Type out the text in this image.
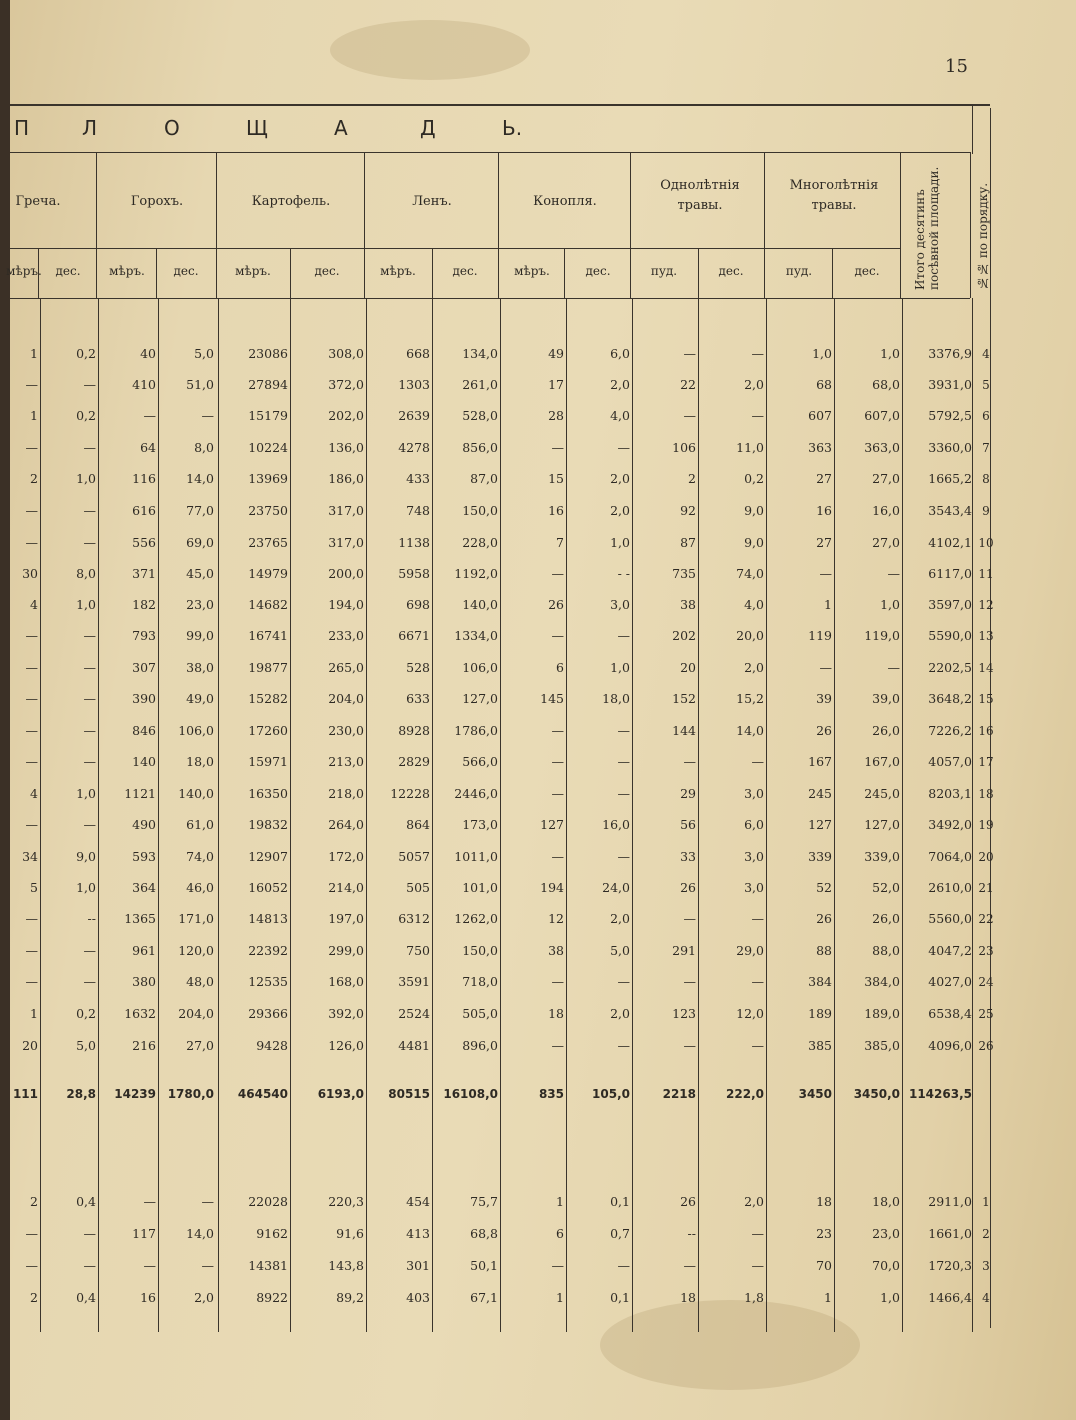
15
П	Л	О	Щ	А	Д	Ь.
Греча.	Горохъ.	Картофель.	Ленъ.	Конопля.
Однолѣтнія травы.
Многолѣтнія травы.	Итого десятинъ посѣвной площади.	№№ по порядку.
мѣръ.	дес.	мѣръ.	дес.	мѣръ.	дес.	мѣръ.	дес.	мѣръ.	дес.	пуд.	дес.	пуд.	дес.
1	0,2	40	5,0	23086	308,0	668	134,0	49	6,0	—	—	1,0	1,0	3376,9 4
—	—	410	51,0	27894	372,0	1303	261,0	17	2,0	22	2,0	68	68,0	3931,0 5
1	0,2	—	—	15179	202,0	2639	528,0	28	4,0	—	—	607	607,0	5792,5 6
—	—	64	8,0	10224	136,0	4278	856,0	—	—	106	11,0	363	363,0	3360,0 7
2	1,0	116	14,0	13969	186,0	433	87,0	15	2,0	2	0,2	27	27,0	1665,2 8
—	—	616	77,0	23750	317,0	748	150,0	16	2,0	92	9,0	16	16,0	3543,4 9
—	—	556	69,0	23765	317,0	1138	228,0	7	1,0	87	9,0	27	27,0	4102,1 10
30	8,0	371	45,0	14979	200,0	5958	1192,0	—	- -	735	74,0	—	—	6117,0 11
4	1,0	182	23,0	14682	194,0	698	140,0	26	3,0	38	4,0	1	1,0	3597,0 12
—	—	793	99,0	16741	233,0	6671	1334,0	—	—	202	20,0	119	119,0	5590,0 13
—	—	307	38,0	19877	265,0	528	106,0	6	1,0	20	2,0	—	—	2202,5 14
—	—	390	49,0	15282	204,0	633	127,0	145	18,0	152	15,2	39	39,0	3648,2 15
—	—	846	106,0	17260	230,0	8928	1786,0	—	—	144	14,0	26	26,0	7226,2 16
—	—	140	18,0	15971	213,0	2829	566,0	—	—	—	—	167	167,0	4057,0 17
4	1,0	1121	140,0	16350	218,0	12228	2446,0	—	—	29	3,0	245	245,0	8203,1 18
—	—	490	61,0	19832	264,0	864	173,0	127	16,0	56	6,0	127	127,0	3492,0 19
34	9,0	593	74,0	12907	172,0	5057	1011,0	—	—	33	3,0	339	339,0	7064,0 20
5	1,0	364	46,0	16052	214,0	505	101,0	194	24,0	26	3,0	52	52,0	2610,0 21
—	--	1365	171,0	14813	197,0	6312	1262,0	12	2,0	—	—	26	26,0	5560,0 22
—	—	961	120,0	22392	299,0	750	150,0	38	5,0	291	29,0	88	88,0	4047,2 23
—	—	380	48,0	12535	168,0	3591	718,0	—	—	—	—	384	384,0	4027,0 24
1	0,2	1632	204,0	29366	392,0	2524	505,0	18	2,0	123	12,0	189	189,0	6538,4 25
20	5,0	216	27,0	9428	126,0	4481	896,0	—	—	—	—	385	385,0	4096,0 26
111	28,8	14239 1780,0	464540	6193,0	80515	16108,0	835	105,0	2218	222,0	3450	3450,0 114263,5
2	0,4	—	—	22028	220,3	454	75,7	1	0,1	26	2,0	18	18,0	2911,0 1
—	—	117	14,0	9162	91,6	413	68,8	6	0,7	--	—	23	23,0	1661,0 2
—	—	—	—	14381	143,8	301	50,1	—	—	—	—	70	70,0	1720,3 3
2	0,4	16	2,0	8922	89,2	403	67,1	1	0,1	18	1,8	1	1,0	1466,4 4
